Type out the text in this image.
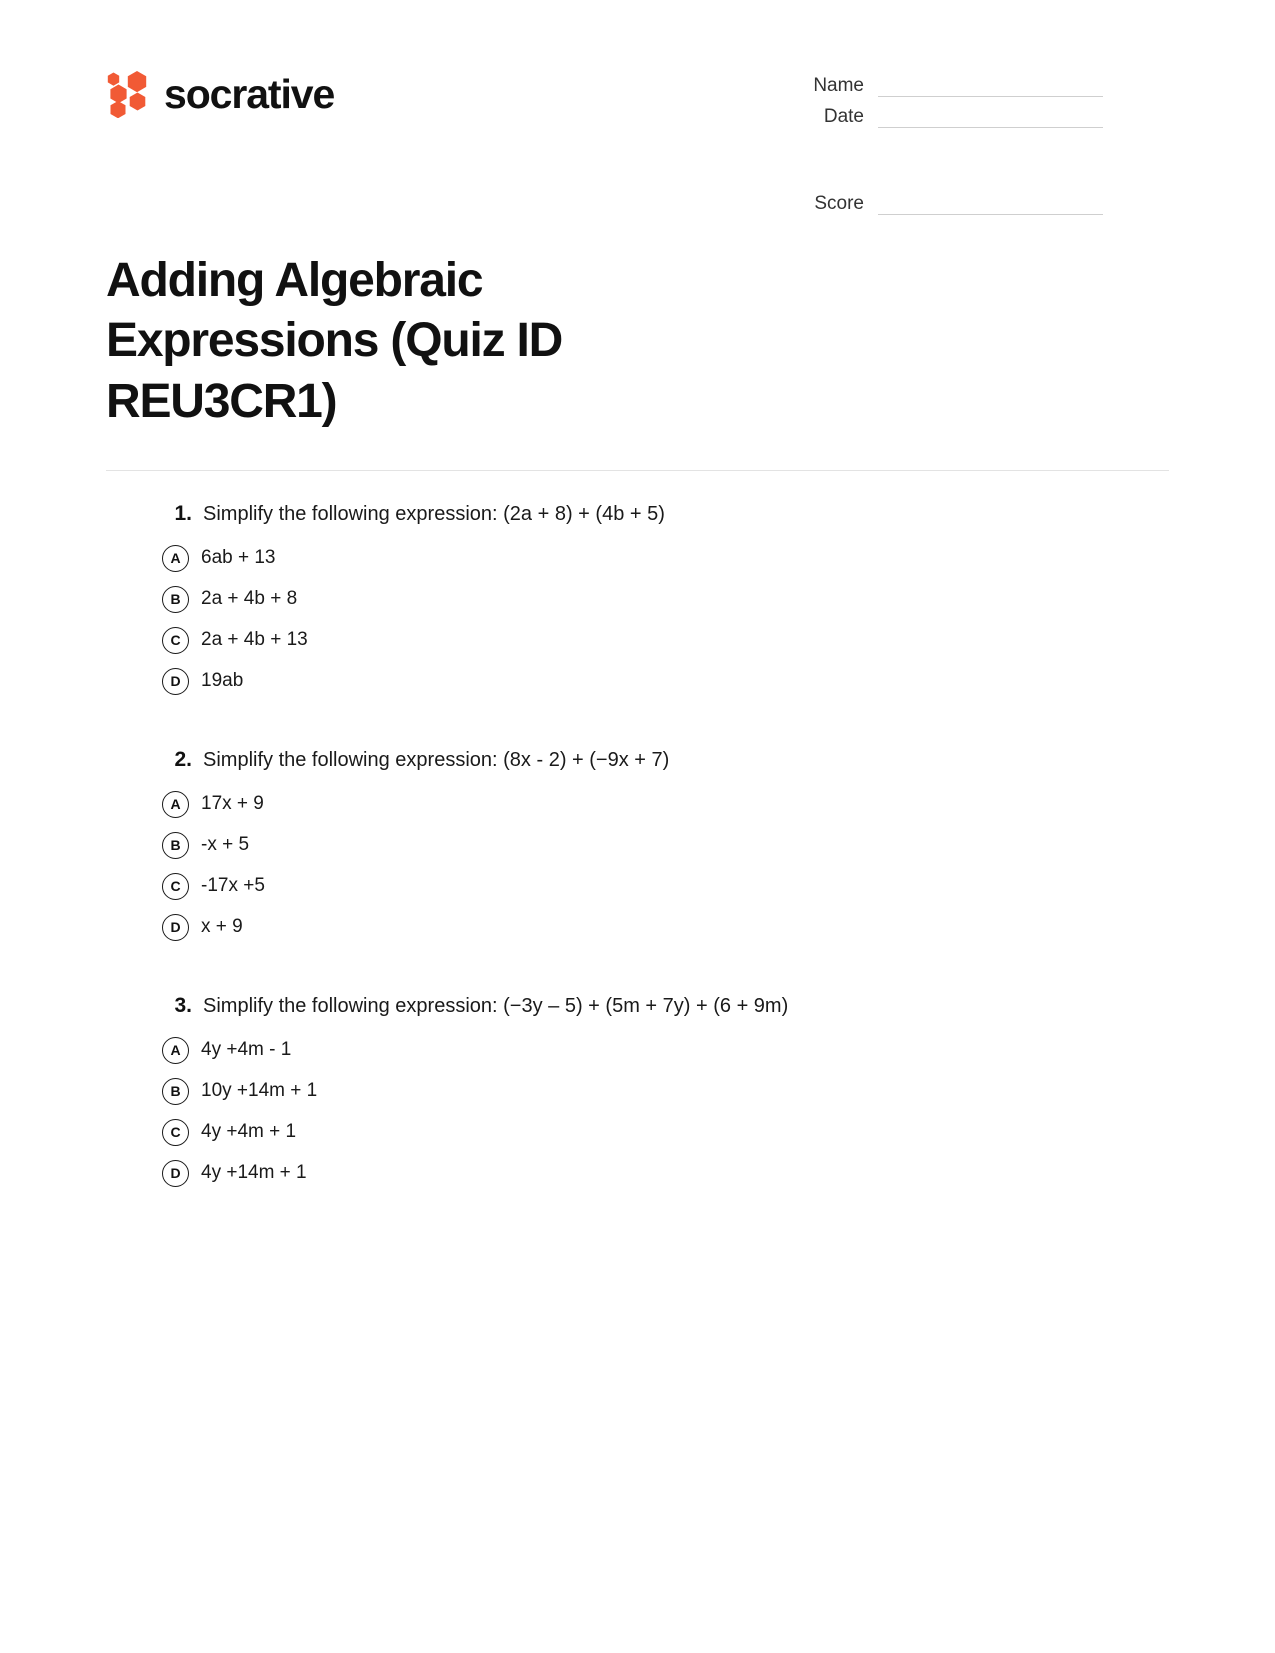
socrative	Name
Date
Score
Adding Algebraic Expressions (Quiz ID REU3CR1)
1. Simplify the following expression: (2a + 8) + (4b + 5)
A	6ab + 13
B	2a + 4b + 8
C	2a + 4b + 13
D	19ab
2. Simplify the following expression: (8x - 2) + (−9x + 7)
A	17x + 9
B	-x + 5
C	-17x +5
D	x + 9
3. Simplify the following expression: (−3y – 5) + (5m + 7y) + (6 + 9m)
A	4y +4m - 1
B	10y +14m + 1
C	4y +4m + 1
D	4y +14m + 1
